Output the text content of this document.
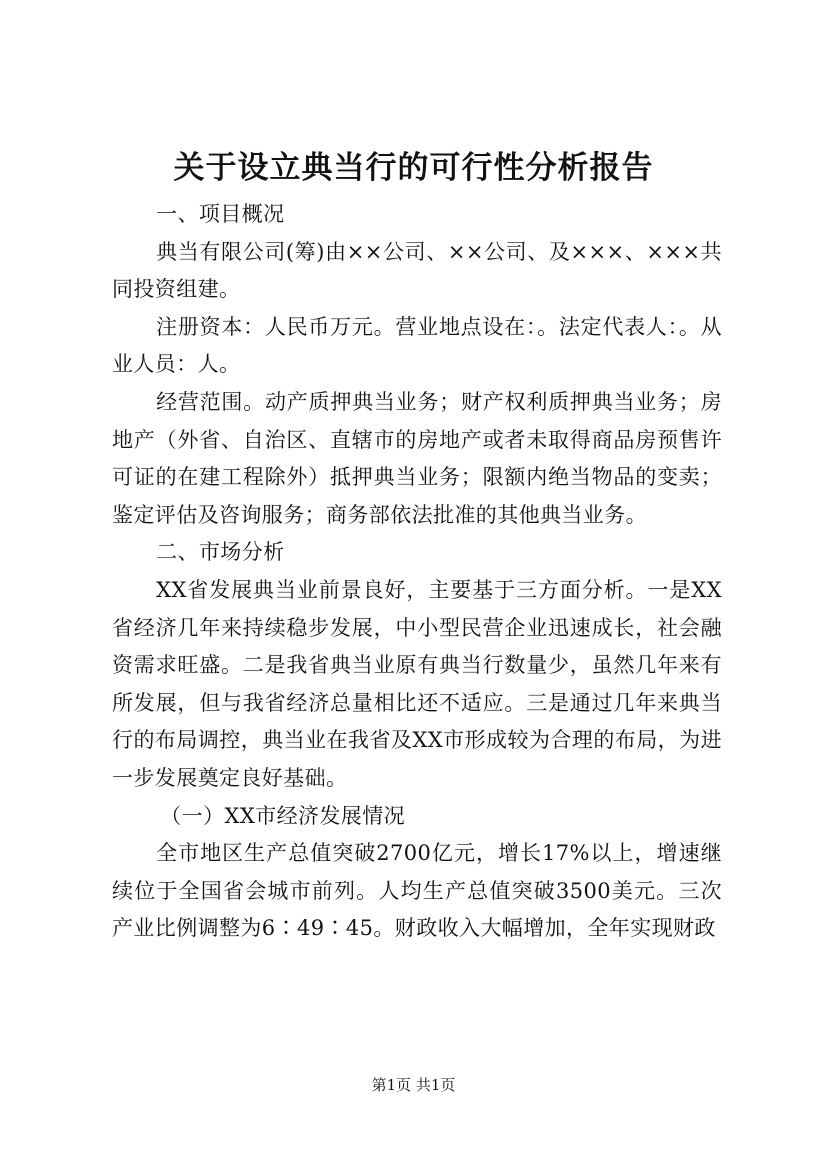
关于设立典当行的可行性分析报告

一、项目概况

典当有限公司(筹)由××公司、××公司、及×××、×××共同投资组建。

注册资本：人民币万元。营业地点设在：。法定代表人：。从业人员：人。

经营范围。动产质押典当业务；财产权利质押典当业务；房地产（外省、自治区、直辖市的房地产或者未取得商品房预售许可证的在建工程除外）抵押典当业务；限额内绝当物品的变卖；鉴定评估及咨询服务；商务部依法批准的其他典当业务。

二、市场分析

XX省发展典当业前景良好，主要基于三方面分析。一是XX省经济几年来持续稳步发展，中小型民营企业迅速成长，社会融资需求旺盛。二是我省典当业原有典当行数量少，虽然几年来有所发展，但与我省经济总量相比还不适应。三是通过几年来典当行的布局调控，典当业在我省及XX市形成较为合理的布局，为进一步发展奠定良好基础。

（一）XX市经济发展情况

全市地区生产总值突破2700亿元，增长17%以上，增速继续位于全国省会城市前列。人均生产总值突破3500美元。三次产业比例调整为6∶49∶45。财政收入大幅增加，全年实现财政

第1页 共1页
